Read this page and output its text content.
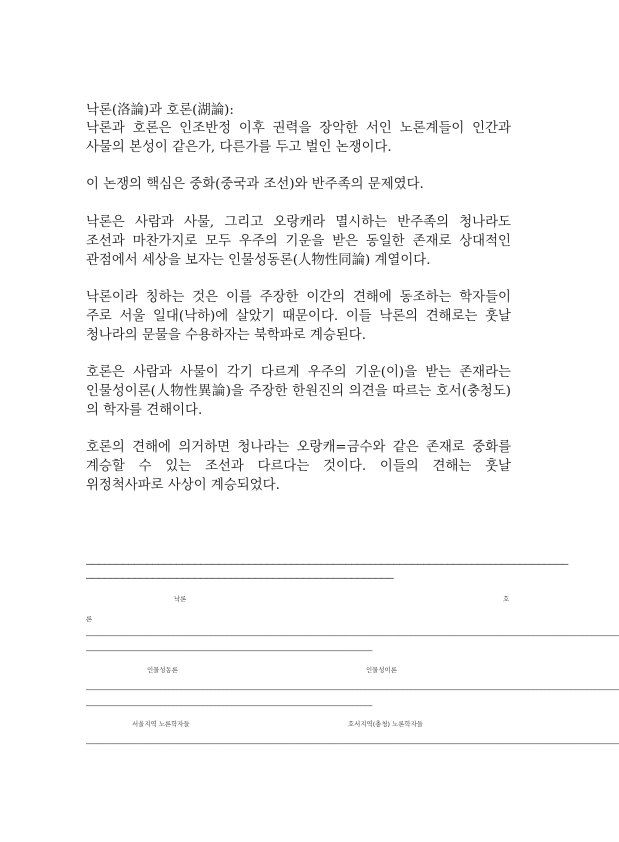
낙론(洛論)과 호론(湖論):

낙론과 호론은 인조반정 이후 권력을 장악한 서인 노론계들이 인간과 사물의 본성이 같은가, 다른가를 두고 벌인 논쟁이다.

이 논쟁의 핵심은 중화(중국과 조선)와 반주족의 문제였다.

낙론은 사람과 사물, 그리고 오랑캐라 멸시하는 반주족의 청나라도 조선과 마찬가지로 모두 우주의 기운을 받은 동일한 존재로 상대적인 관점에서 세상을 보자는 인물성동론(人物性同論) 계열이다.

낙론이라 칭하는 것은 이를 주장한 이간의 견해에 동조하는 학자들이 주로 서울 일대(낙하)에 살았기 때문이다. 이들 낙론의 견해로는 훗날 청나라의 문물을 수용하자는 북학파로 계승된다.

호론은 사람과 사물이 각기 다르게 우주의 기운(이)을 받는 존재라는 인물성이론(人物性異論)을 주장한 한원진의 의견을 따르는 호서(충청도)의 학자를 견해이다.

호론의 견해에 의거하면 청나라는 오랑캐=금수와 같은 존재로 중화를 계승할 수 있는 조선과 다르다는 것이다. 이들의 견해는 훗날 위정척사파로 사상이 계승되었다.

––––––––––––––––––––––––––––––––––––––––––––––––––––––––––––––––––––––––––––––––
–––––––––––––––––––––––––––––––––––––––––––––––––––
낙론	호
론
––––––––––––––––––––––––––––––––––––––––––––––––––––––––––––––––––––––––––––––––––––––––––––––––––––––––––––––––––––––––––––––––––––––––
–––––––––––––––––––––––––––––––––––––––––––––––––––––––––––––––––––––––––
인물성동론	인물성이론
––––––––––––––––––––––––––––––––––––––––––––––––––––––––––––––––––––––––––––––––––––––––––––––––––––––––––––––––––––––––––––––––––––––––
–––––––––––––––––––––––––––––––––––––––––––––––––––––––––––––––––––––––––
서울지역 노론학자들	호서지역(충청) 노론학자들
––––––––––––––––––––––––––––––––––––––––––––––––––––––––––––––––––––––––––––––––––––––––––––––––––––––––––––––––––––––––––––––––––––––––
